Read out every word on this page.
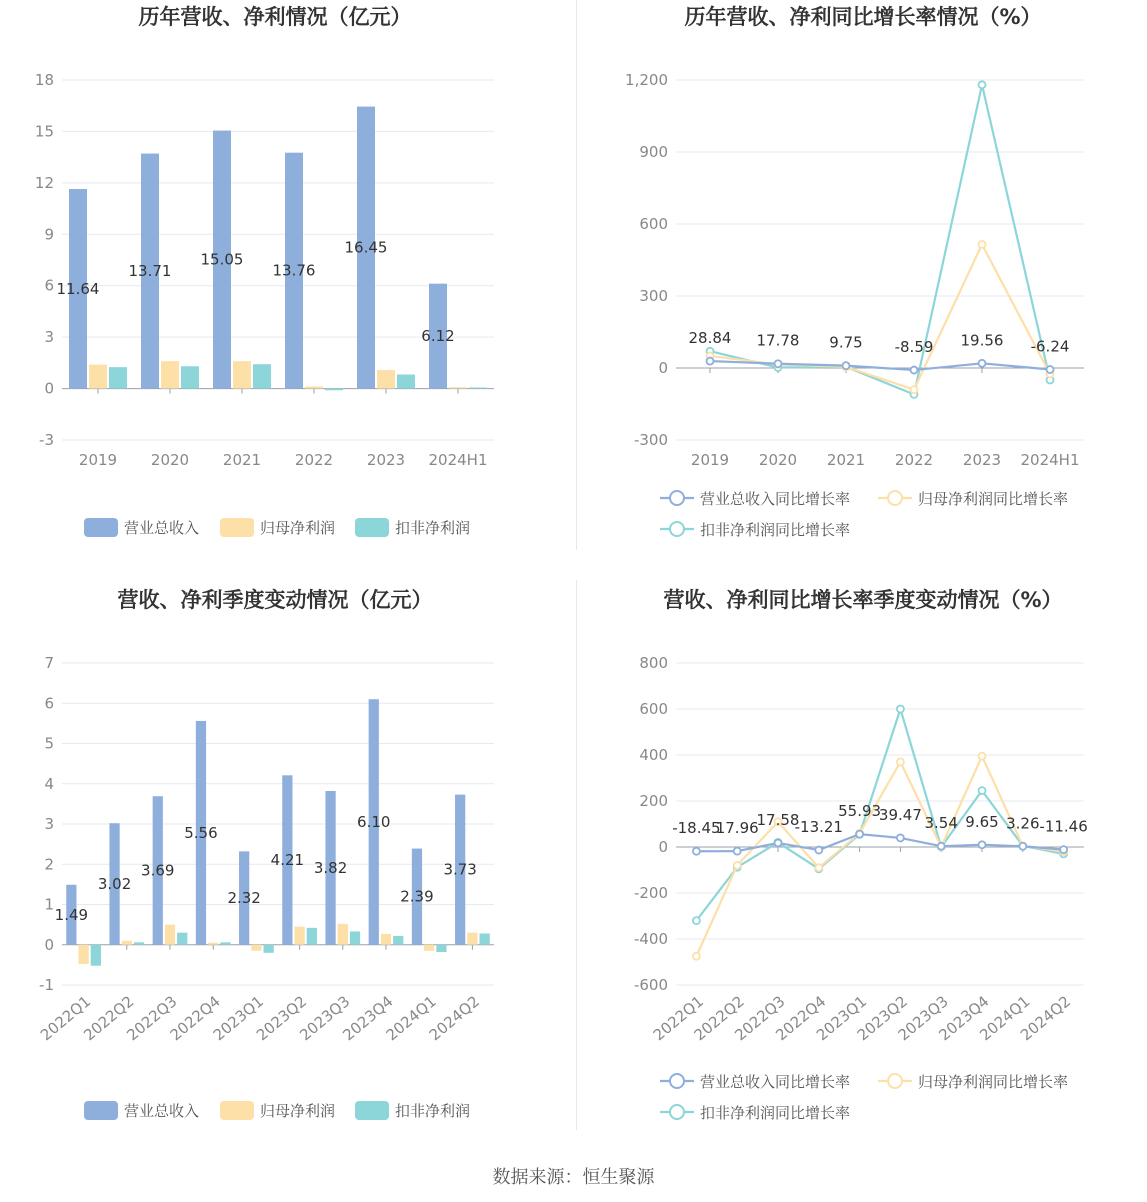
历年营收、净利情况（亿元）
-3
0
3
6
9
12
15
18
2019 2020 2021 2022 2023 2024H1
11.64
13.71
15.05
13.76
16.45
6.12
营业总收入	归母净利润	扣非净利润
历年营收、净利同比增长率情况（%）
-300
0
300
600
900
1,200
2019 2020 2021 2022 2023 2024H1
28.84 17.78 9.75 -8.59 19.56 -6.24
营业总收入同比增长率	归母净利润同比增长率
扣非净利润同比增长率
营收、净利季度变动情况（亿元）
-1
0
1
2
3
4
5
6
7
2022Q1
2022Q2
2022Q3
2022Q4
2023Q1
2023Q2
2023Q3
2023Q4
2024Q1
2024Q2
1.49
3.02
3.69
5.56
2.32
4.21 3.82
6.10
2.39
3.73
营业总收入	归母净利润	扣非净利润
营收、净利同比增长率季度变动情况（%）
-600
-400
-200
0
200
400
600
800
2022Q1
2022Q2
2022Q3
2022Q4
2023Q1
2023Q2
2023Q3
2023Q4
2024Q1
2024Q2
-18.45
17.96
17.58
-13.21
55.93
39.47 3.54 9.65 3.26 -11.46
营业总收入同比增长率	归母净利润同比增长率
扣非净利润同比增长率
数据来源：恒生聚源
